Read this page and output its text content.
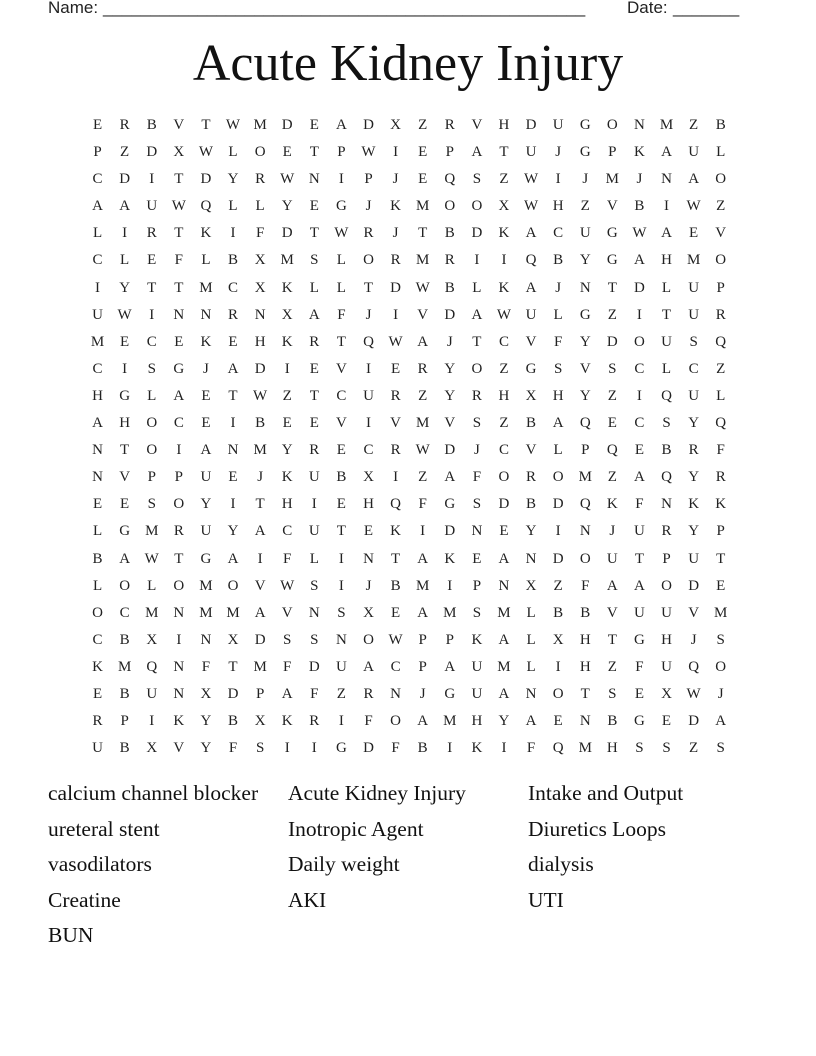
Name: ___________________________________________________ Date: _______
Acute Kidney Injury
E	R	B	V	T	W M	D	E	A	D	X	Z	R	V	H	D	U	G	O	N	M	Z	B
P	Z	D	X W	L	O	E	T	P	W	I	E	P	A	T	U	J	G	P	K	A	U	L
C	D	I	T	D	Y	R	W N	I	P	J	E	Q	S	Z	W	I	J	M	J	N	A	O
A	A	U W Q	L	L	Y	E	G	J	K	M	O	O	X W H	Z	V	B	I	W	Z
L	I	R	T	K	I	F	D	T	W	R	J	T	B	D	K	A	C	U	G W A	E	V
C	L	E	F	L	B	X	M	S	L	O	R	M	R	I	I	Q	B	Y	G	A	H	M	O
I	Y	T	T	M	C	X	K	L	L	T	D W	B	L	K	A	J	N	T	D	L	U	P
U W	I	N	N	R	N	X	A	F	J	I	V	D	A W U	L	G	Z	I	T	U	R
M	E	C	E	K	E	H	K	R	T	Q W A	J	T	C	V	F	Y	D	O	U	S	Q
C	I	S	G	J	A	D	I	E	V	I	E	R	Y	O	Z	G	S	V	S	C	L	C	Z
H	G	L	A	E	T	W	Z	T	C	U	R	Z	Y	R	H	X	H	Y	Z	I	Q	U	L
A	H	O	C	E	I	B	E	E	V	I	V	M	V	S	Z	B	A	Q	E	C	S	Y	Q
N	T	O	I	A	N	M	Y	R	E	C	R	W D	J	C	V	L	P	Q	E	B	R	F
N	V	P	P	U	E	J	K	U	B	X	I	Z	A	F	O	R	O	M	Z	A	Q	Y	R
E	E	S	O	Y	I	T	H	I	E	H	Q	F	G	S	D	B	D	Q	K	F	N	K	K
L	G	M	R	U	Y	A	C	U	T	E	K	I	D	N	E	Y	I	N	J	U	R	Y	P
B	A W	T	G	A	I	F	L	I	N	T	A	K	E	A	N	D	O	U	T	P	U	T
L	O	L	O	M	O	V W	S	I	J	B	M	I	P	N	X	Z	F	A	A	O	D	E
O	C	M	N	M M	A	V	N	S	X	E	A	M	S	M	L	B	B	V	U	U	V	M
C	B	X	I	N	X	D	S	S	N	O W	P	P	K	A	L	X	H	T	G	H	J	S
K	M	Q	N	F	T	M	F	D	U	A	C	P	A	U	M	L	I	H	Z	F	U	Q	O
E	B	U	N	X	D	P	A	F	Z	R	N	J	G	U	A	N	O	T	S	E	X W	J
R	P	I	K	Y	B	X	K	R	I	F	O	A	M	H	Y	A	E	N	B	G	E	D	A
U	B	X	V	Y	F	S	I	I	G	D	F	B	I	K	I	F	Q	M	H	S	S	Z	S
calcium channel blocker	Acute Kidney Injury	Intake and Output
ureteral stent	Inotropic Agent	Diuretics Loops
vasodilators	Daily weight	dialysis
Creatine	AKI	UTI
BUN
